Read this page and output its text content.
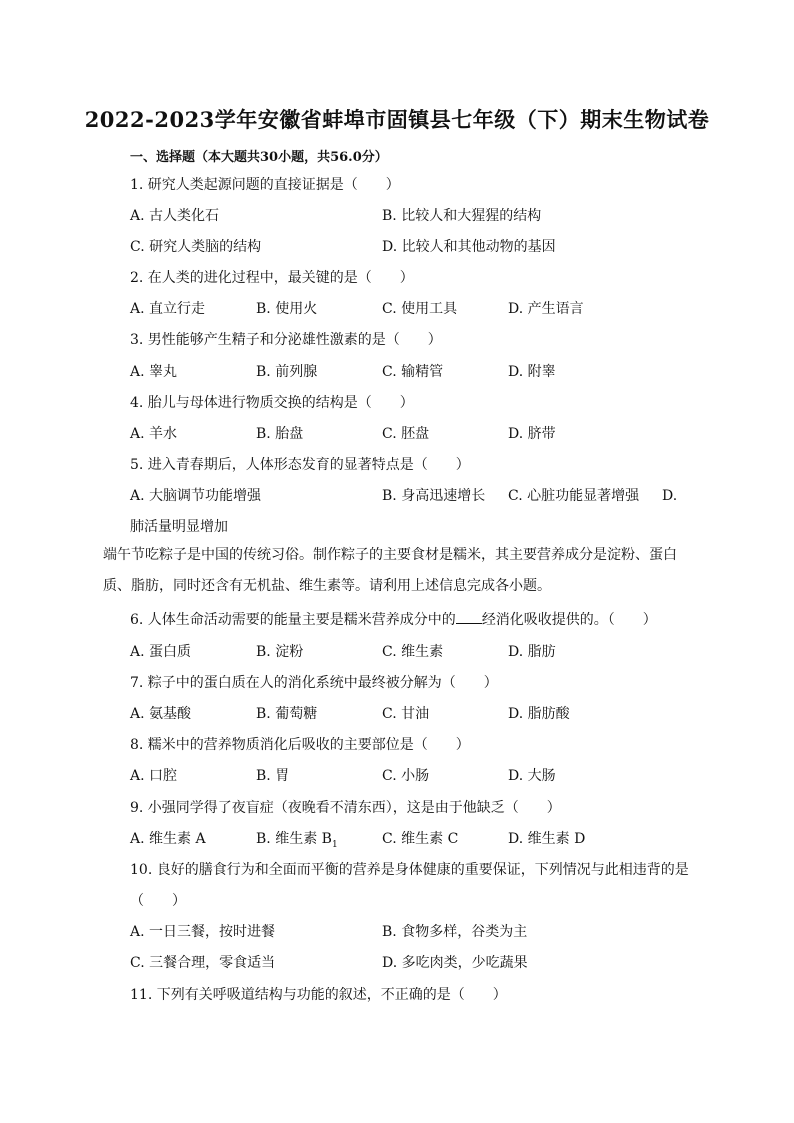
2022-2023学年安徽省蚌埠市固镇县七年级（下）期末生物试卷
一、选择题（本大题共30小题，共56.0分）
1. 研究人类起源问题的直接证据是（　　）
A. 古人类化石	B. 比较人和大猩猩的结构
C. 研究人类脑的结构	D. 比较人和其他动物的基因
2. 在人类的进化过程中，最关键的是（　　）
A. 直立行走	B. 使用火	C. 使用工具	D. 产生语言
3. 男性能够产生精子和分泌雄性激素的是（　　）
A. 睾丸	B. 前列腺	C. 输精管	D. 附睾
4. 胎儿与母体进行物质交换的结构是（　　）
A. 羊水	B. 胎盘	C. 胚盘	D. 脐带
5. 进入青春期后，人体形态发育的显著特点是（　　）
A. 大脑调节功能增强	B. 身高迅速增长 C. 心脏功能显著增强 D.
肺活量明显增加
端午节吃粽子是中国的传统习俗。制作粽子的主要食材是糯米，其主要营养成分是淀粉、蛋白质、脂肪，同时还含有无机盐、维生素等。请利用上述信息完成各小题。
6. 人体生命活动需要的能量主要是糯米营养成分中的 经消化吸收提供的。（　　）
A. 蛋白质	B. 淀粉	C. 维生素	D. 脂肪
7. 粽子中的蛋白质在人的消化系统中最终被分解为（　　）
A. 氨基酸	B. 葡萄糖	C. 甘油	D. 脂肪酸
8. 糯米中的营养物质消化后吸收的主要部位是（　　）
A. 口腔	B. 胃	C. 小肠	D. 大肠
9. 小强同学得了夜盲症（夜晚看不清东西），这是由于他缺乏（　　）
A. 维生素 A	B. 维生素 $B_1$	C. 维生素 C	D. 维生素 D
10. 良好的膳食行为和全面而平衡的营养是身体健康的重要保证，下列情况与此相违背的是
（　　）
A. 一日三餐，按时进餐	B. 食物多样，谷类为主
C. 三餐合理，零食适当	D. 多吃肉类，少吃蔬果
11. 下列有关呼吸道结构与功能的叙述，不正确的是（　　）
